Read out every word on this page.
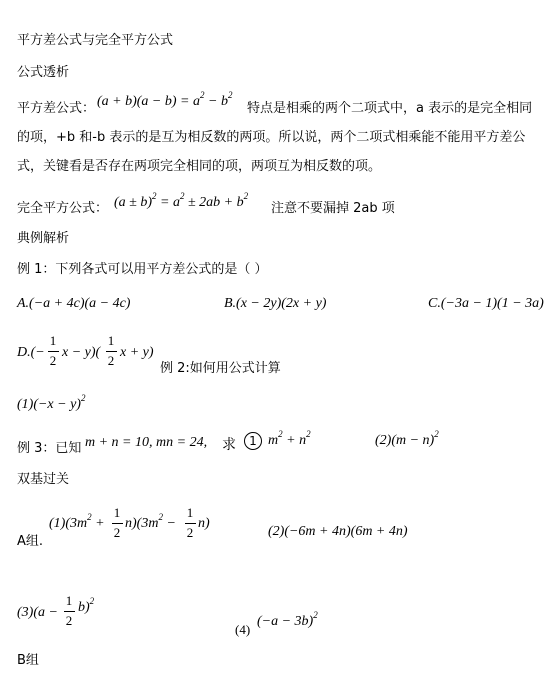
平方差公式与完全平方公式
公式透析
平方差公式： $(a + b)(a - b) = a^2 - b^2$
特点是相乘的两个二项式中，a 表示的是完全相同
的项，+b 和-b 表示的是互为相反数的两项。所以说，两个二项式相乘能不能用平方差公
式，关键看是否存在两项完全相同的项，两项互为相反数的项。
完全平方公式： $(a \pm b)^2 = a^2 \pm 2ab + b^2$
注意不要漏掉 2ab 项
典例解析
例 1：下列各式可以用平方差公式的是（ ）
A.(−a + 4c)(a − 4c)	B.(x − 2y)(2x + y)	C.(−3a − 1)(1 − 3a)
D.(−
1
2
x − y)(
1
2
x + y)
例 2:如何用公式计算
$(1)(-x - y)^2$
例 3：已知 m + n = 10, mn = 24, 求	1 $m^2 + n^2$	$(2)(m - n)^2$
双基过关
A组.
$(1)(3m^2$ +
1
2
$n)(3m^2$ −
1
2
n)
(2)(−6m + 4n)(6m + 4n)
(3)(a −
1
2
b)$^2$
(4)
$(-a - 3b)^2$
B组
